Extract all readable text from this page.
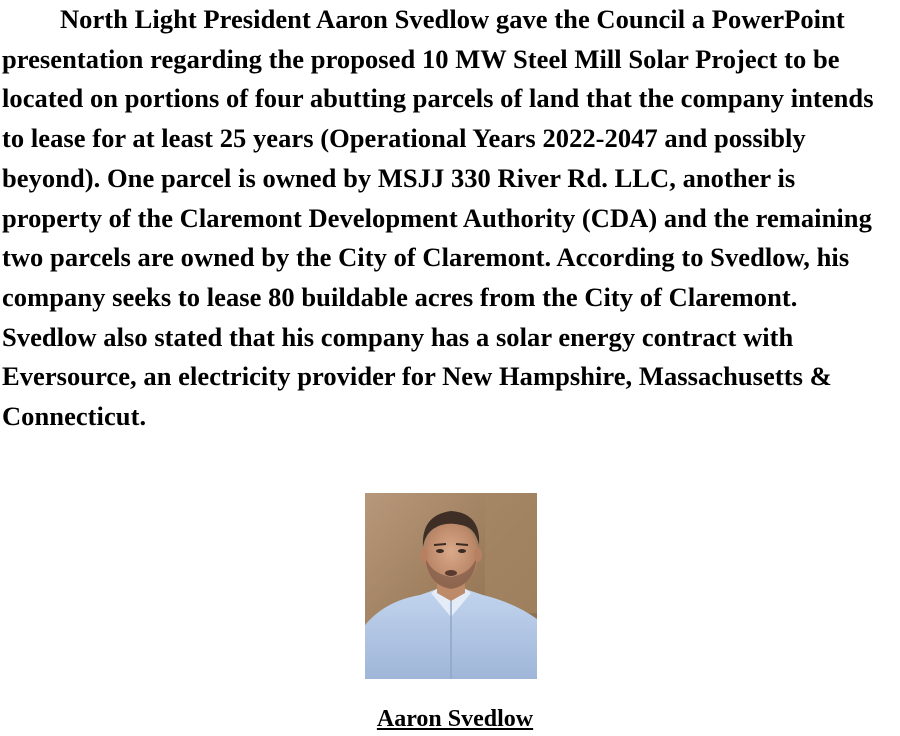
North Light President Aaron Svedlow gave the Council a PowerPoint presentation regarding the proposed 10 MW Steel Mill Solar Project to be located on portions of four abutting parcels of land that the company intends to lease for at least 25 years (Operational Years 2022-2047 and possibly beyond). One parcel is owned by MSJJ 330 River Rd. LLC, another is property of the Claremont Development Authority (CDA) and the remaining two parcels are owned by the City of Claremont. According to Svedlow, his company seeks to lease 80 buildable acres from the City of Claremont. Svedlow also stated that his company has a solar energy contract with Eversource, an electricity provider for New Hampshire, Massachusetts & Connecticut.

Aaron Svedlow
